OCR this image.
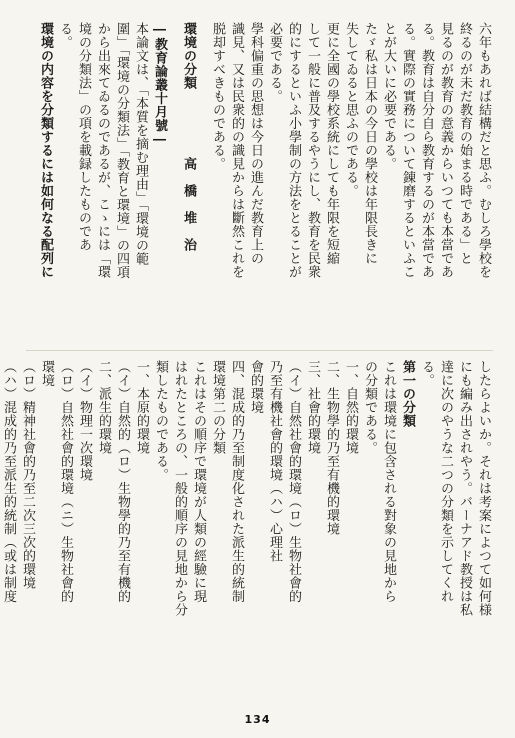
六年もあれば結構だと思ふ。むしろ學校を
終るのが未だ教育の始まる時である」と
見るのが教育の意義からいつても本當であ
る。教育は自分自ら教育するのが本當であ
る。實際の實務について錬磨するといふこ
とが大いに必要である。
たゞ私は日本の今日の學校は年限長きに
失してゐると思ふのである。
更に全國の學校系統にしても年限を短縮
して一般に普及するやうにし、教育を民衆
的にするといふ小學制の方法をとることが
必要である。
學科偏重の思想は今日の進んだ教育上の
識見、又は民衆的の識見からは斷然これを
脱却すべきものである。
環境の分類　　　　　高　橋　堆　治
―教育論叢十月號―
本論文は、「本質を摘む理由」「環境の範
圍」「環境の分類法」「教育と環境」の四項
から出來てゐるのであるが、こゝには「環
境の分類法」の項を載録したものであ
る。
環境の内容を分類するには如何なる配列に
したらよいか。それは考案によつて如何様
にも編み出されやう。バーナアド教授は私
達に次のやうな二つの分類を示してくれ
る。
第一の分類
これは環境に包含される對象の見地から
の分類である。
一、自然的環境
二、生物學的乃至有機的環境
三、社會的環境
（イ）自然社會的環境（ロ）生物社會的
乃至有機社會的環境（ハ）心理社
會的環境
四、混成的乃至制度化された派生的統制
環境第二の分類
これはその順序で環境が人類の經驗に現
はれたところの、一般的順序の見地から分
類したものである。
一、本原的環境
（イ）自然的（ロ）生物學的乃至有機的
二、派生的環境
（イ）物理一次環境
（ロ）自然社會的環境（ニ）生物社會的
環境
（ロ）精神社會的乃至二次三次的環境
（ハ）混成的乃至派生的統制（或は制度
134
